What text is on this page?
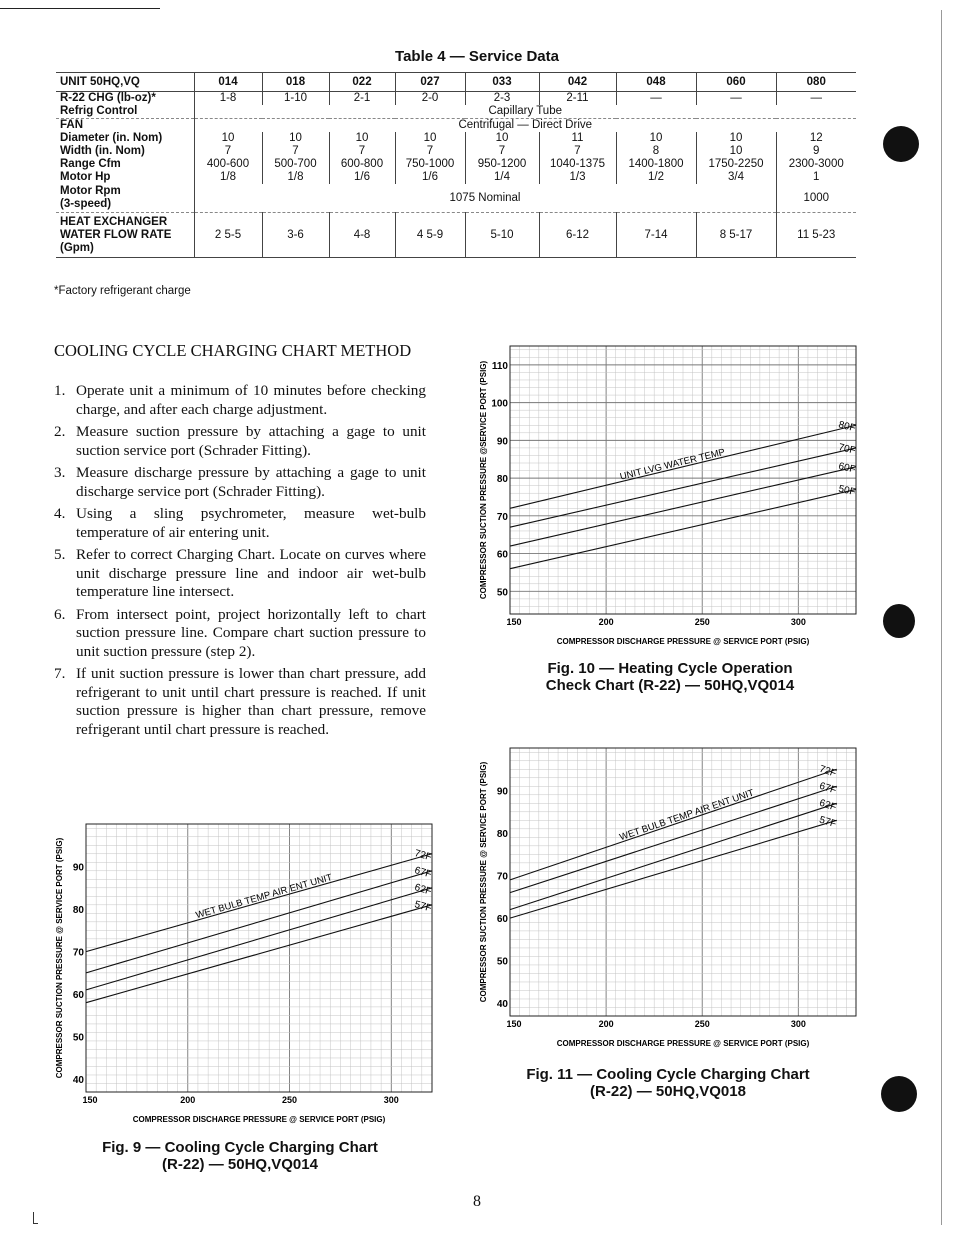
Table 4 — Service Data
UNIT 50HQ,VQ	014	018	022	027	033	042	048	060	080
R-22 CHG (lb-oz)*	1-8	1-10	2-1	2-0	2-3	2-11	—	—	—
Refrig Control	Capillary Tube								
FAN	Centrifugal — Direct Drive								
Diameter (in. Nom)	10	10	10	10	10	11	10	10	12
Width (in. Nom)	7	7	7	7	7	7	8	10	9
Range Cfm	400-600	500-700	600-800	750-1000	950-1200	1040-1375	1400-1800	1750-2250	2300-3000
Motor Hp	1/8	1/8	1/6	1/6	1/4	1/3	1/2	3/4	1
Motor Rpm
(3-speed)	1075 Nominal								1000
HEAT EXCHANGER
WATER FLOW RATE
(Gpm)	2 5-5	3-6	4-8	4 5-9	5-10	6-12	7-14	8 5-17	11 5-23
*Factory refrigerant charge
COOLING CYCLE CHARGING CHART METHOD
1. Operate unit a minimum of 10 minutes before checking charge, and after each charge adjustment.
2. Measure suction pressure by attaching a gage to unit suction service port (Schrader Fitting).
3. Measure discharge pressure by attaching a gage to unit discharge service port (Schrader Fitting).
4. Using a sling psychrometer, measure wet-bulb temperature of air entering unit.
5. Refer to correct Charging Chart. Locate on curves where unit discharge pressure line and indoor air wet-bulb temperature line intersect.
6. From intersect point, project horizontally left to chart suction pressure line. Compare chart suction pressure to unit suction pressure (step 2).
7. If unit suction pressure is lower than chart pressure, add refrigerant to unit until chart pressure is reached. If unit suction pressure is higher than chart pressure, remove refrigerant until chart pressure is reached.
40
50
60
70
80
90
150	200	250	300
COMPRESSOR DISCHARGE PRESSURE @ SERVICE PORT (PSIG)
COMPRESSOR SUCTION PRESSURE @ SERVICE PORT (PSIG)	72F
67F
62F
57F
WET BULB TEMP AIR ENT UNIT
Fig. 9 — Cooling Cycle Charging Chart
(R-22) — 50HQ,VQ014
50
60
70
80
90
100
110
150	200	250	300
COMPRESSOR DISCHARGE PRESSURE @ SERVICE PORT (PSIG)
COMPRESSOR SUCTION PRESSURE @SERVICE PORT (PSIG)	80F
70F
60F
50F
UNIT LVG WATER TEMP
Fig. 10 — Heating Cycle Operation
Check Chart (R-22) — 50HQ,VQ014
40
50
60
70
80
90
150	200	250	300
COMPRESSOR DISCHARGE PRESSURE @ SERVICE PORT (PSIG)
COMPRESSOR SUCTION PRESSURE @ SERVICE PORT (PSIG)	72F
67F
62F
57F
WET BULB TEMP AIR ENT UNIT
Fig. 11 — Cooling Cycle Charging Chart
(R-22) — 50HQ,VQ018
8
